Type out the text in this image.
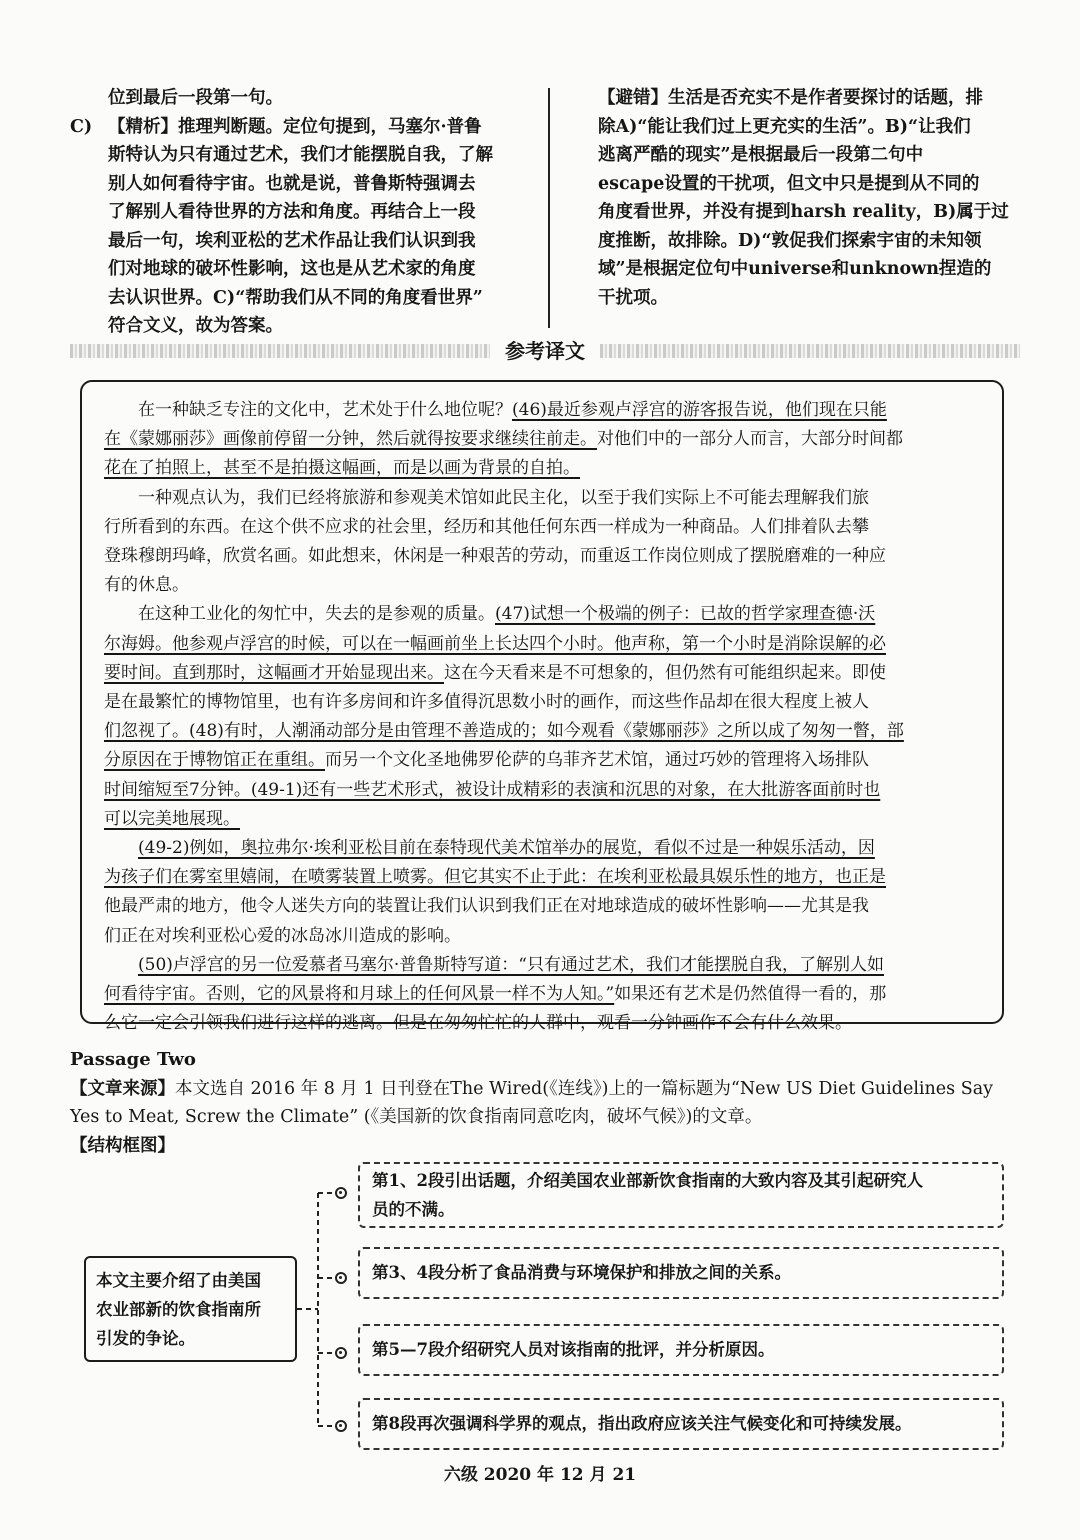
位到最后一段第一句。
C) 【精析】推理判断题。定位句提到，马塞尔·普鲁
斯特认为只有通过艺术，我们才能摆脱自我，了解
别人如何看待宇宙。也就是说，普鲁斯特强调去
了解别人看待世界的方法和角度。再结合上一段
最后一句，埃利亚松的艺术作品让我们认识到我
们对地球的破坏性影响，这也是从艺术家的角度
去认识世界。C)“帮助我们从不同的角度看世界”
符合文义，故为答案。
【避错】生活是否充实不是作者要探讨的话题，排
除A)“能让我们过上更充实的生活”。B)“让我们
逃离严酷的现实”是根据最后一段第二句中
escape设置的干扰项，但文中只是提到从不同的
角度看世界，并没有提到harsh reality，B)属于过
度推断，故排除。D)“敦促我们探索宇宙的未知领
域”是根据定位句中universe和unknown捏造的
干扰项。
参考译文
在一种缺乏专注的文化中，艺术处于什么地位呢？(46)最近参观卢浮宫的游客报告说，他们现在只能
在《蒙娜丽莎》画像前停留一分钟，然后就得按要求继续往前走。对他们中的一部分人而言，大部分时间都
花在了拍照上，甚至不是拍摄这幅画，而是以画为背景的自拍。
一种观点认为，我们已经将旅游和参观美术馆如此民主化，以至于我们实际上不可能去理解我们旅
行所看到的东西。在这个供不应求的社会里，经历和其他任何东西一样成为一种商品。人们排着队去攀
登珠穆朗玛峰，欣赏名画。如此想来，休闲是一种艰苦的劳动，而重返工作岗位则成了摆脱磨难的一种应
有的休息。
在这种工业化的匆忙中，失去的是参观的质量。(47)试想一个极端的例子：已故的哲学家理查德·沃
尔海姆。他参观卢浮宫的时候，可以在一幅画前坐上长达四个小时。他声称，第一个小时是消除误解的必
要时间。直到那时，这幅画才开始显现出来。这在今天看来是不可想象的，但仍然有可能组织起来。即使
是在最繁忙的博物馆里，也有许多房间和许多值得沉思数小时的画作，而这些作品却在很大程度上被人
们忽视了。(48)有时，人潮涌动部分是由管理不善造成的；如今观看《蒙娜丽莎》之所以成了匆匆一瞥，部
分原因在于博物馆正在重组。而另一个文化圣地佛罗伦萨的乌菲齐艺术馆，通过巧妙的管理将入场排队
时间缩短至7分钟。(49-1)还有一些艺术形式，被设计成精彩的表演和沉思的对象，在大批游客面前时也
可以完美地展现。
(49-2)例如，奥拉弗尔·埃利亚松目前在泰特现代美术馆举办的展览，看似不过是一种娱乐活动，因
为孩子们在雾室里嬉闹，在喷雾装置上喷雾。但它其实不止于此：在埃利亚松最具娱乐性的地方，也正是
他最严肃的地方，他令人迷失方向的装置让我们认识到我们正在对地球造成的破坏性影响——尤其是我
们正在对埃利亚松心爱的冰岛冰川造成的影响。
(50)卢浮宫的另一位爱慕者马塞尔·普鲁斯特写道：“只有通过艺术，我们才能摆脱自我，了解别人如
何看待宇宙。否则，它的风景将和月球上的任何风景一样不为人知。”如果还有艺术是仍然值得一看的，那
么它一定会引领我们进行这样的逃离。但是在匆匆忙忙的人群中，观看一分钟画作不会有什么效果。
Passage Two
【文章来源】本文选自 2016 年 8 月 1 日刊登在The Wired(《连线》)上的一篇标题为“New US Diet Guidelines Say
Yes to Meat, Screw the Climate” (《美国新的饮食指南同意吃肉，破坏气候》)的文章。
【结构框图】
本文主要介绍了由美国
农业部新的饮食指南所
引发的争论。
第1、2段引出话题，介绍美国农业部新饮食指南的大致内容及其引起研究人
员的不满。
第3、4段分析了食品消费与环境保护和排放之间的关系。
第5—7段介绍研究人员对该指南的批评，并分析原因。
第8段再次强调科学界的观点，指出政府应该关注气候变化和可持续发展。
六级 2020 年 12 月 21
